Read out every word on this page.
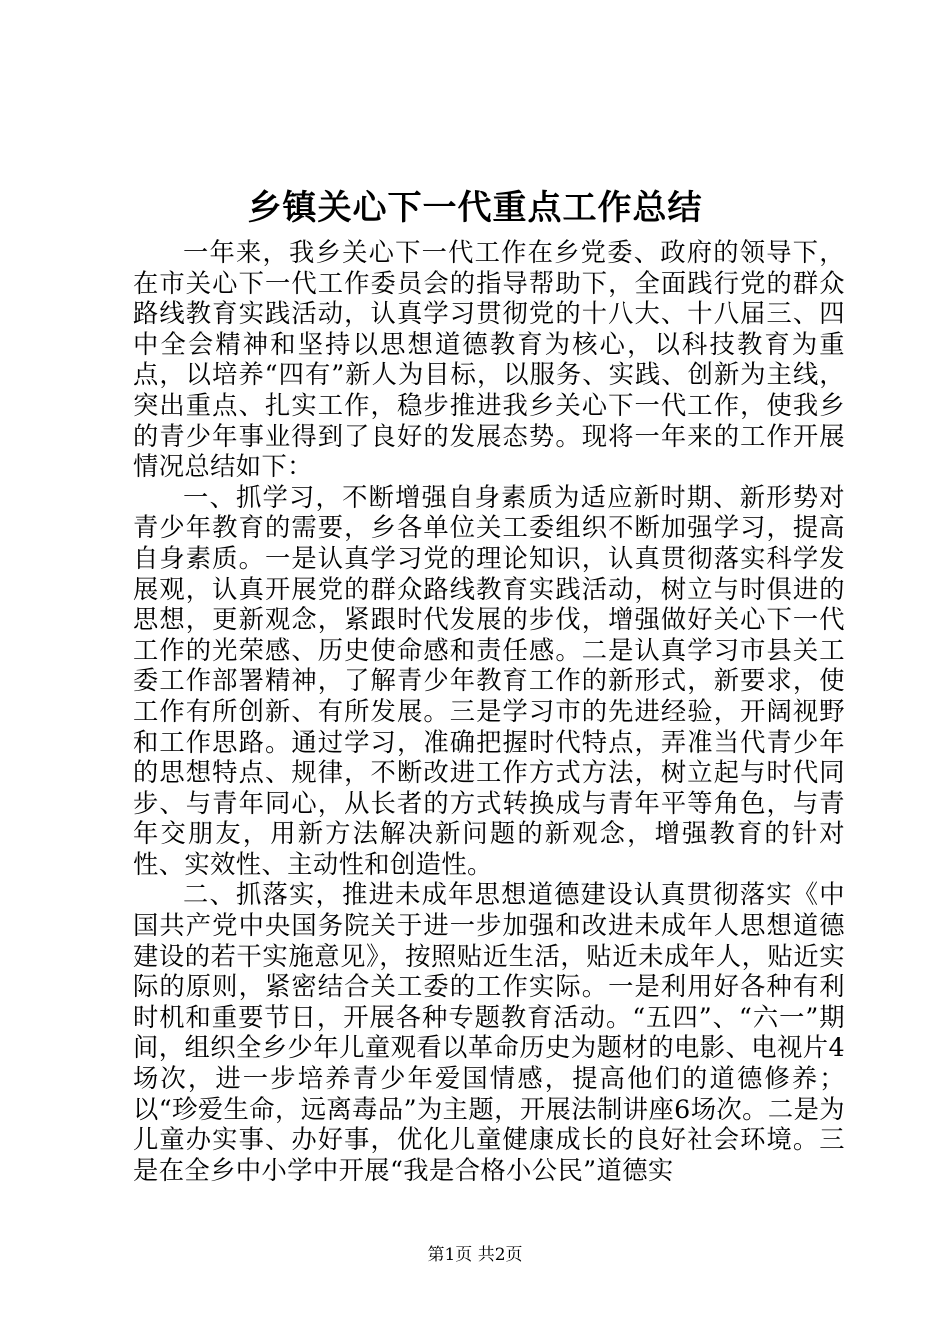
乡镇关心下一代重点工作总结

一年来，我乡关心下一代工作在乡党委、政府的领导下，在市关心下一代工作委员会的指导帮助下，全面践行党的群众路线教育实践活动，认真学习贯彻党的十八大、十八届三、四中全会精神和坚持以思想道德教育为核心，以科技教育为重点，以培养“四有”新人为目标，以服务、实践、创新为主线，突出重点、扎实工作，稳步推进我乡关心下一代工作，使我乡的青少年事业得到了良好的发展态势。现将一年来的工作开展情况总结如下：

一、抓学习，不断增强自身素质为适应新时期、新形势对青少年教育的需要，乡各单位关工委组织不断加强学习，提高自身素质。一是认真学习党的理论知识，认真贯彻落实科学发展观，认真开展党的群众路线教育实践活动，树立与时俱进的思想，更新观念，紧跟时代发展的步伐，增强做好关心下一代工作的光荣感、历史使命感和责任感。二是认真学习市县关工委工作部署精神，了解青少年教育工作的新形式，新要求，使工作有所创新、有所发展。三是学习市的先进经验，开阔视野和工作思路。通过学习，准确把握时代特点，弄准当代青少年的思想特点、规律，不断改进工作方式方法，树立起与时代同步、与青年同心，从长者的方式转换成与青年平等角色，与青年交朋友，用新方法解决新问题的新观念，增强教育的针对性、实效性、主动性和创造性。

二、抓落实，推进未成年思想道德建设认真贯彻落实《中国共产党中央国务院关于进一步加强和改进未成年人思想道德建设的若干实施意见》，按照贴近生活，贴近未成年人，贴近实际的原则，紧密结合关工委的工作实际。一是利用好各种有利时机和重要节日，开展各种专题教育活动。“五四”、“六一”期间，组织全乡少年儿童观看以革命历史为题材的电影、电视片4场次，进一步培养青少年爱国情感，提高他们的道德修养；以“珍爱生命，远离毒品”为主题，开展法制讲座6场次。二是为儿童办实事、办好事，优化儿童健康成长的良好社会环境。三是在全乡中小学中开展“我是合格小公民”道德实

第1页 共2页
